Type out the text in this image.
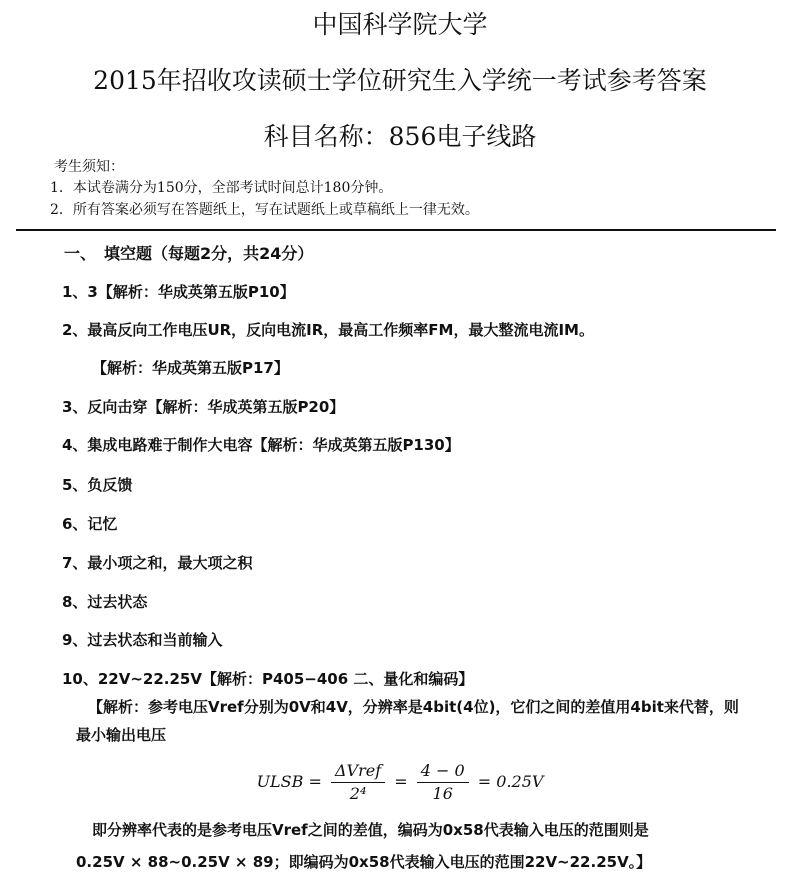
中国科学院大学
2015年招收攻读硕士学位研究生入学统一考试参考答案
科目名称：856电子线路
考生须知：
1．本试卷满分为150分，全部考试时间总计180分钟。
2．所有答案必须写在答题纸上，写在试题纸上或草稿纸上一律无效。
一、　填空题（每题2分，共24分）
1、3【解析：华成英第五版P10】
2、最高反向工作电压UR，反向电流IR，最高工作频率FM，最大整流电流IM。
【解析：华成英第五版P17】
3、反向击穿【解析：华成英第五版P20】
4、集成电路难于制作大电容【解析：华成英第五版P130】
5、负反馈
6、记忆
7、最小项之和，最大项之积
8、过去状态
9、过去状态和当前输入
10、22V~22.25V【解析：P405−406 二、量化和编码】
【解析：参考电压Vref分别为0V和4V，分辨率是4bit(4位)，它们之间的差值用4bit来代替，则
最小输出电压
ULSB = $\frac{\text{ΔVref}}{\text{2⁴}} = \frac{4 - 0}{16} = 0.25V$
即分辨率代表的是参考电压Vref之间的差值，编码为0x58代表输入电压的范围则是
0.25V × 88~0.25V × 89；即编码为0x58代表输入电压的范围22V~22.25V。】
